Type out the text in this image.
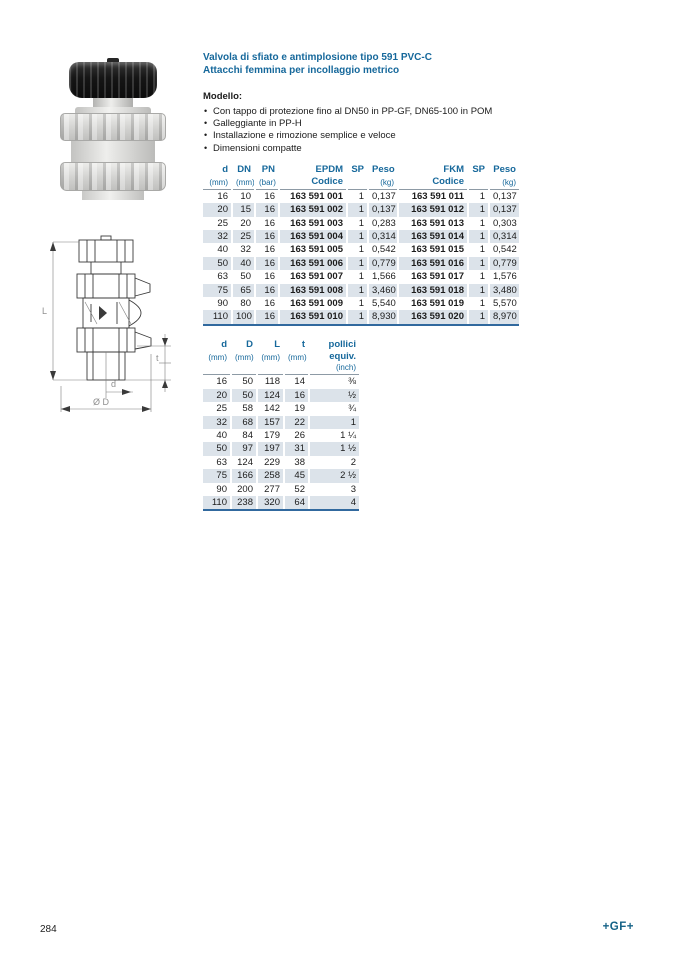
L
t
d
Ø D
Valvola di sfiato e antimplosione tipo 591 PVC-C
Attacchi femmina per incollaggio metrico
Modello:
• Con tappo di protezione fino al DN50 in PP-GF, DN65-100 in POM
• Galleggiante in PP-H
• Installazione e rimozione semplice e veloce
• Dimensioni compatte
d	DN	PN	EPDM	SP	Peso	FKM	SP	Peso
(mm)	(mm)	(bar)	Codice		(kg)	Codice		(kg)
16	10	16	163 591 001	1	0,137	163 591 011	1	0,137
20	15	16	163 591 002	1	0,137	163 591 012	1	0,137
25	20	16	163 591 003	1	0,283	163 591 013	1	0,303
32	25	16	163 591 004	1	0,314	163 591 014	1	0,314
40	32	16	163 591 005	1	0,542	163 591 015	1	0,542
50	40	16	163 591 006	1	0,779	163 591 016	1	0,779
63	50	16	163 591 007	1	1,566	163 591 017	1	1,576
75	65	16	163 591 008	1	3,460	163 591 018	1	3,480
90	80	16	163 591 009	1	5,540	163 591 019	1	5,570
110	100	16	163 591 010	1	8,930	163 591 020	1	8,970
d	D	L	t	pollici
(mm)	(mm)	(mm)	(mm)	equiv.
				(inch)
16	50	118	14	⅜
20	50	124	16	½
25	58	142	19	¾
32	68	157	22	1
40	84	179	26	1 ¼
50	97	197	31	1 ½
63	124	229	38	2
75	166	258	45	2 ½
90	200	277	52	3
110	238	320	64	4
284	+GF+
